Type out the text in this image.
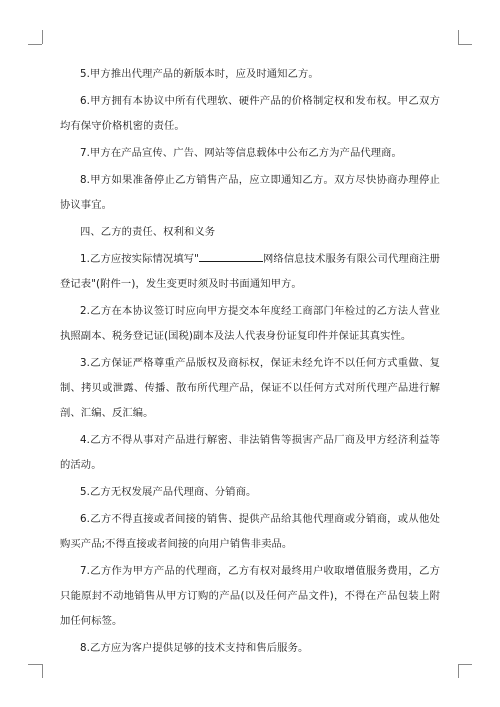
5.甲方推出代理产品的新版本时，应及时通知乙方。

6.甲方拥有本协议中所有代理软、硬件产品的价格制定权和发布权。甲乙双方均有保守价格机密的责任。

7.甲方在产品宣传、广告、网站等信息载体中公布乙方为产品代理商。

8.甲方如果准备停止乙方销售产品，应立即通知乙方。双方尽快协商办理停止协议事宜。

四、乙方的责任、权利和义务

1.乙方应按实际情况填写"	网络信息技术服务有限公司代理商注册登记表"(附件一)，发生变更时须及时书面通知甲方。

2.乙方在本协议签订时应向甲方提交本年度经工商部门年检过的乙方法人营业执照副本、税务登记证(国税)副本及法人代表身份证复印件并保证其真实性。

3.乙方保证严格尊重产品版权及商标权，保证未经允许不以任何方式重做、复制、拷贝或泄露、传播、散布所代理产品，保证不以任何方式对所代理产品进行解剖、汇编、反汇编。

4.乙方不得从事对产品进行解密、非法销售等损害产品厂商及甲方经济利益等的活动。

5.乙方无权发展产品代理商、分销商。

6.乙方不得直接或者间接的销售、提供产品给其他代理商或分销商，或从他处购买产品;不得直接或者间接的向用户销售非卖品。

7.乙方作为甲方产品的代理商，乙方有权对最终用户收取增值服务费用，乙方只能原封不动地销售从甲方订购的产品(以及任何产品文件)，不得在产品包装上附加任何标签。

8.乙方应为客户提供足够的技术支持和售后服务。
